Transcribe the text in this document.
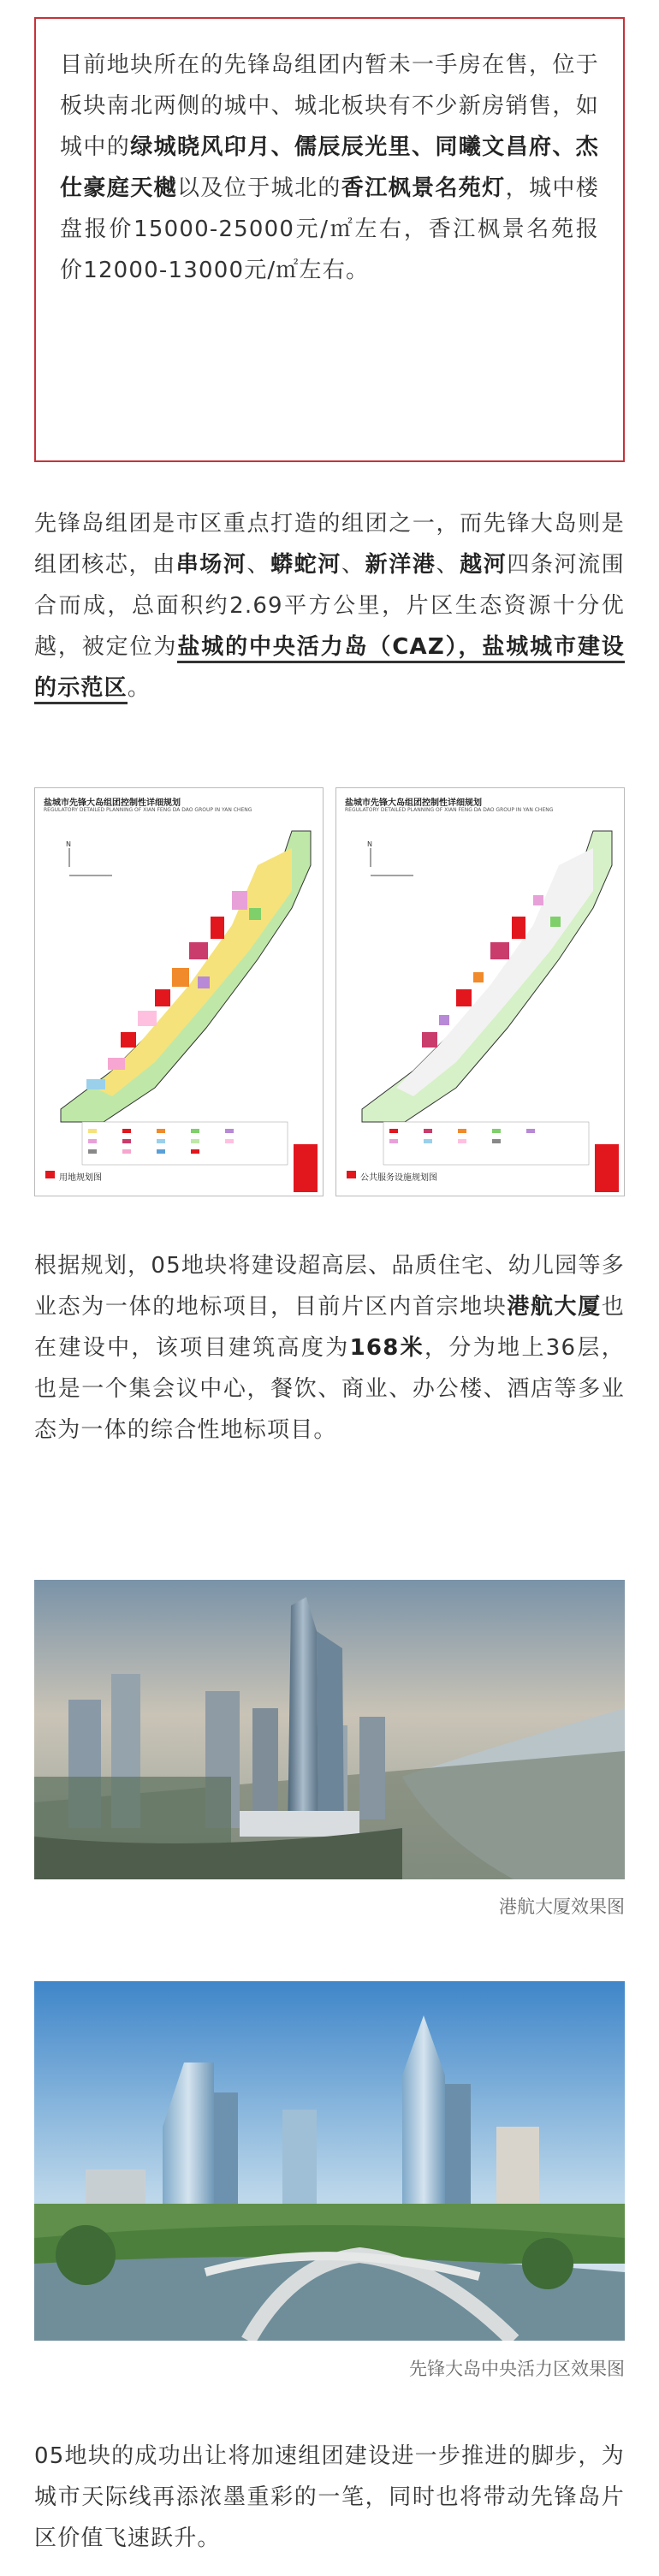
目前地块所在的先锋岛组团内暂未一手房在售，位于板块南北两侧的城中、城北板块有不少新房销售，如城中的绿城晓风印月、儒辰辰光里、同曦文昌府、杰仕豪庭天樾以及位于城北的香江枫景名苑灯，城中楼盘报价15000-25000元/㎡左右，香江枫景名苑报价12000-13000元/㎡左右。

先锋岛组团是市区重点打造的组团之一，而先锋大岛则是组团核芯，由串场河、蟒蛇河、新洋港、越河四条河流围合而成，总面积约2.69平方公里，片区生态资源十分优越，被定位为盐城的中央活力岛（CAZ），盐城城市建设的示范区。

盐城市先锋大岛组团控制性详细规划
REGULATORY DETAILED PLANNING OF XIAN FENG DA DAO GROUP IN YAN CHENG
N
用地规划图
盐城市先锋大岛组团控制性详细规划
REGULATORY DETAILED PLANNING OF XIAN FENG DA DAO GROUP IN YAN CHENG
N
公共服务设施规划图

根据规划，05地块将建设超高层、品质住宅、幼儿园等多业态为一体的地标项目，目前片区内首宗地块港航大厦也在建设中，该项目建筑高度为168米，分为地上36层，也是一个集会议中心，餐饮、商业、办公楼、酒店等多业态为一体的综合性地标项目。

港航大厦效果图
先锋大岛中央活力区效果图

05地块的成功出让将加速组团建设进一步推进的脚步，为城市天际线再添浓墨重彩的一笔，同时也将带动先锋岛片区价值飞速跃升。
